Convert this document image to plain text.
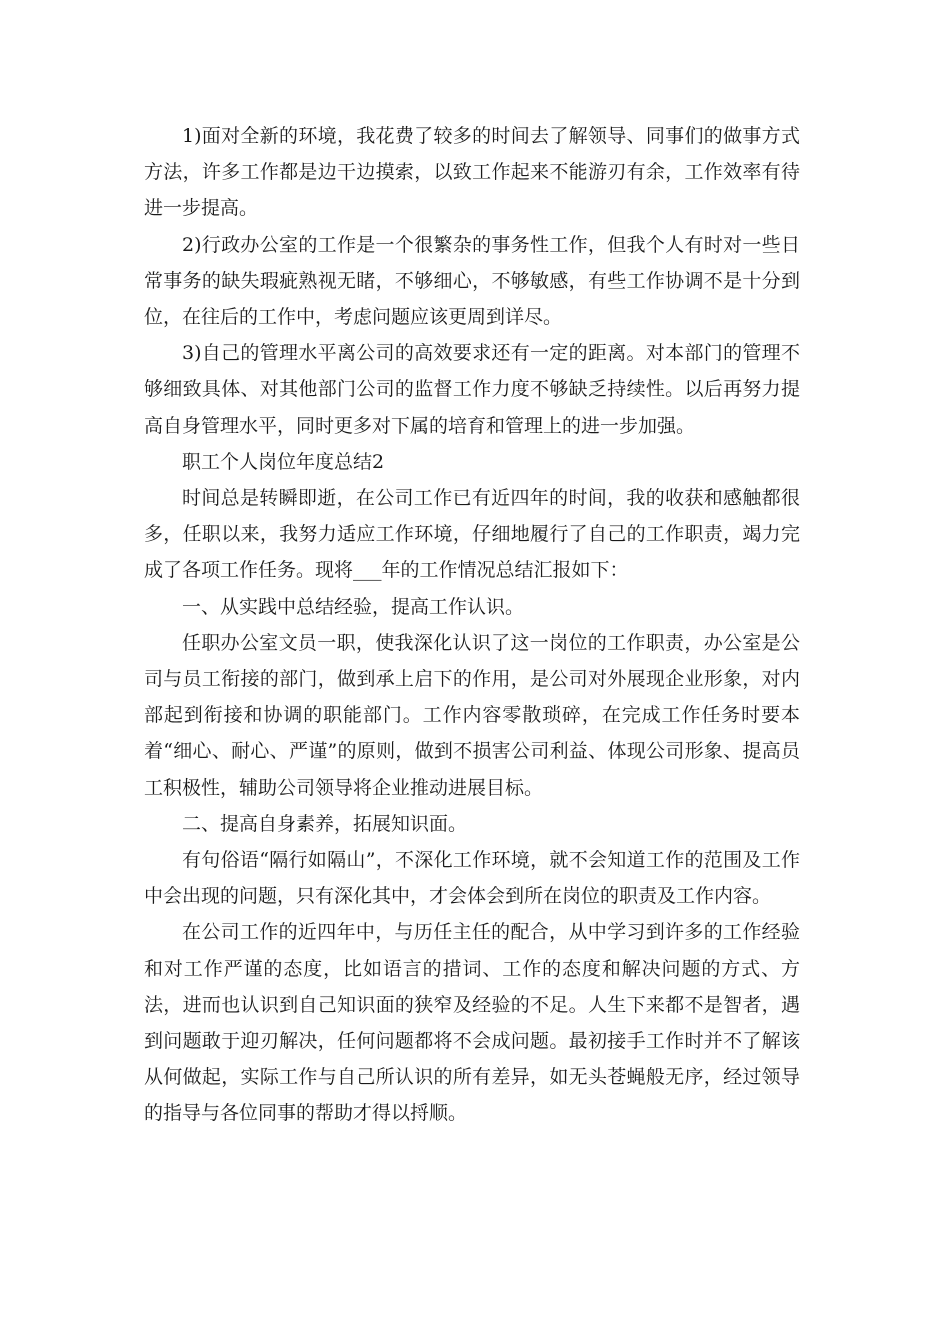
1)面对全新的环境，我花费了较多的时间去了解领导、同事们的做事方式方法，许多工作都是边干边摸索，以致工作起来不能游刃有余，工作效率有待进一步提高。

2)行政办公室的工作是一个很繁杂的事务性工作，但我个人有时对一些日常事务的缺失瑕疵熟视无睹，不够细心，不够敏感，有些工作协调不是十分到位，在往后的工作中，考虑问题应该更周到详尽。

3)自己的管理水平离公司的高效要求还有一定的距离。对本部门的管理不够细致具体、对其他部门公司的监督工作力度不够缺乏持续性。以后再努力提高自身管理水平，同时更多对下属的培育和管理上的进一步加强。

职工个人岗位年度总结2

时间总是转瞬即逝，在公司工作已有近四年的时间，我的收获和感触都很多，任职以来，我努力适应工作环境，仔细地履行了自己的工作职责，竭力完成了各项工作任务。现将___年的工作情况总结汇报如下：

一、从实践中总结经验，提高工作认识。

任职办公室文员一职，使我深化认识了这一岗位的工作职责，办公室是公司与员工衔接的部门，做到承上启下的作用，是公司对外展现企业形象，对内部起到衔接和协调的职能部门。工作内容零散琐碎，在完成工作任务时要本着“细心、耐心、严谨”的原则，做到不损害公司利益、体现公司形象、提高员工积极性，辅助公司领导将企业推动进展目标。

二、提高自身素养，拓展知识面。

有句俗语“隔行如隔山”，不深化工作环境，就不会知道工作的范围及工作中会出现的问题，只有深化其中，才会体会到所在岗位的职责及工作内容。

在公司工作的近四年中，与历任主任的配合，从中学习到许多的工作经验和对工作严谨的态度，比如语言的措词、工作的态度和解决问题的方式、方法，进而也认识到自己知识面的狭窄及经验的不足。人生下来都不是智者，遇到问题敢于迎刃解决，任何问题都将不会成问题。最初接手工作时并不了解该从何做起，实际工作与自己所认识的所有差异，如无头苍蝇般无序，经过领导的指导与各位同事的帮助才得以捋顺。
